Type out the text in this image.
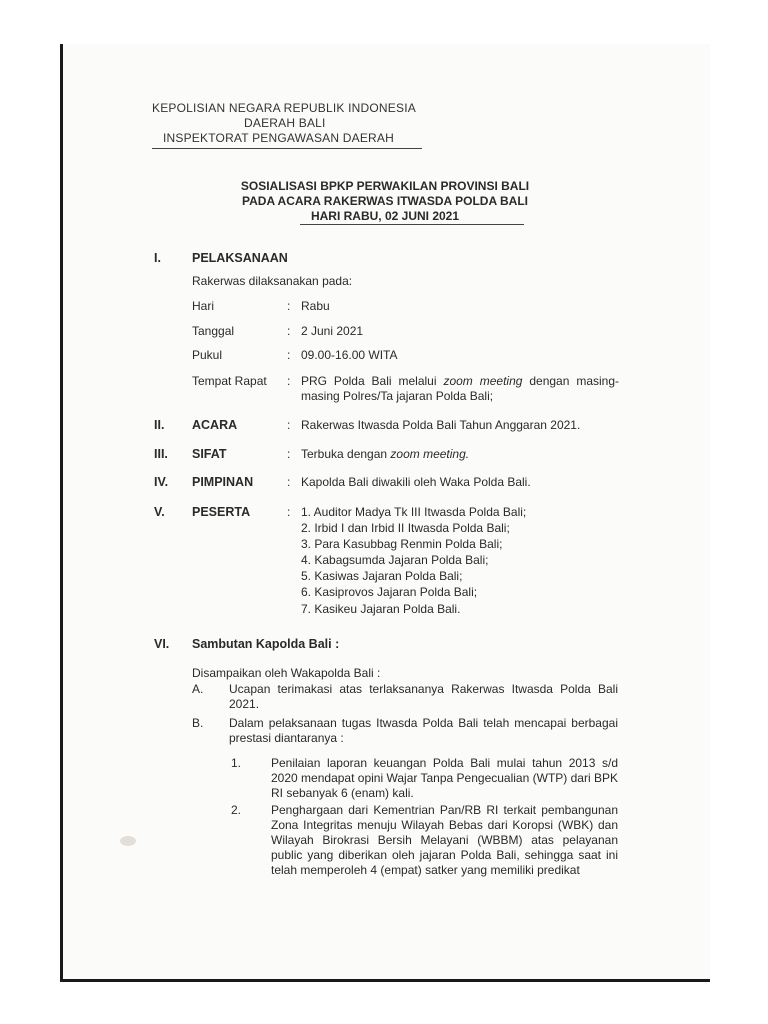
KEPOLISIAN NEGARA REPUBLIK INDONESIA
DAERAH BALI
INSPEKTORAT PENGAWASAN DAERAH
SOSIALISASI BPKP PERWAKILAN PROVINSI BALI
PADA ACARA RAKERWAS ITWASDA POLDA BALI
HARI RABU, 02 JUNI 2021
I. PELAKSANAAN
Rakerwas dilaksanakan pada:
Hari	: Rabu
Tanggal	: 2 Juni 2021
Pukul	: 09.00-16.00 WITA
Tempat Rapat : PRG Polda Bali melalui zoom meeting dengan masing-masing Polres/Ta jajaran Polda Bali;
II. ACARA	: Rakerwas Itwasda Polda Bali Tahun Anggaran 2021.
III. SIFAT	: Terbuka dengan zoom meeting.
IV. PIMPINAN	: Kapolda Bali diwakili oleh Waka Polda Bali.
V. PESERTA	: 1. Auditor Madya Tk III Itwasda Polda Bali;
2. Irbid I dan Irbid II Itwasda Polda Bali;
3. Para Kasubbag Renmin Polda Bali;
4. Kabagsumda Jajaran Polda Bali;
5. Kasiwas Jajaran Polda Bali;
6. Kasiprovos Jajaran Polda Bali;
7. Kasikeu Jajaran Polda Bali.
VI. Sambutan Kapolda Bali :
Disampaikan oleh Wakapolda Bali :
A. Ucapan terimakasi atas terlaksananya Rakerwas Itwasda Polda Bali 2021.
B. Dalam pelaksanaan tugas Itwasda Polda Bali telah mencapai berbagai prestasi diantaranya :
1. Penilaian laporan keuangan Polda Bali mulai tahun 2013 s/d 2020 mendapat opini Wajar Tanpa Pengecualian (WTP) dari BPK RI sebanyak 6 (enam) kali.
2. Penghargaan dari Kementrian Pan/RB RI terkait pembangunan Zona Integritas menuju Wilayah Bebas dari Koropsi (WBK) dan Wilayah Birokrasi Bersih Melayani (WBBM) atas pelayanan public yang diberikan oleh jajaran Polda Bali, sehingga saat ini telah memperoleh 4 (empat) satker yang memiliki predikat
